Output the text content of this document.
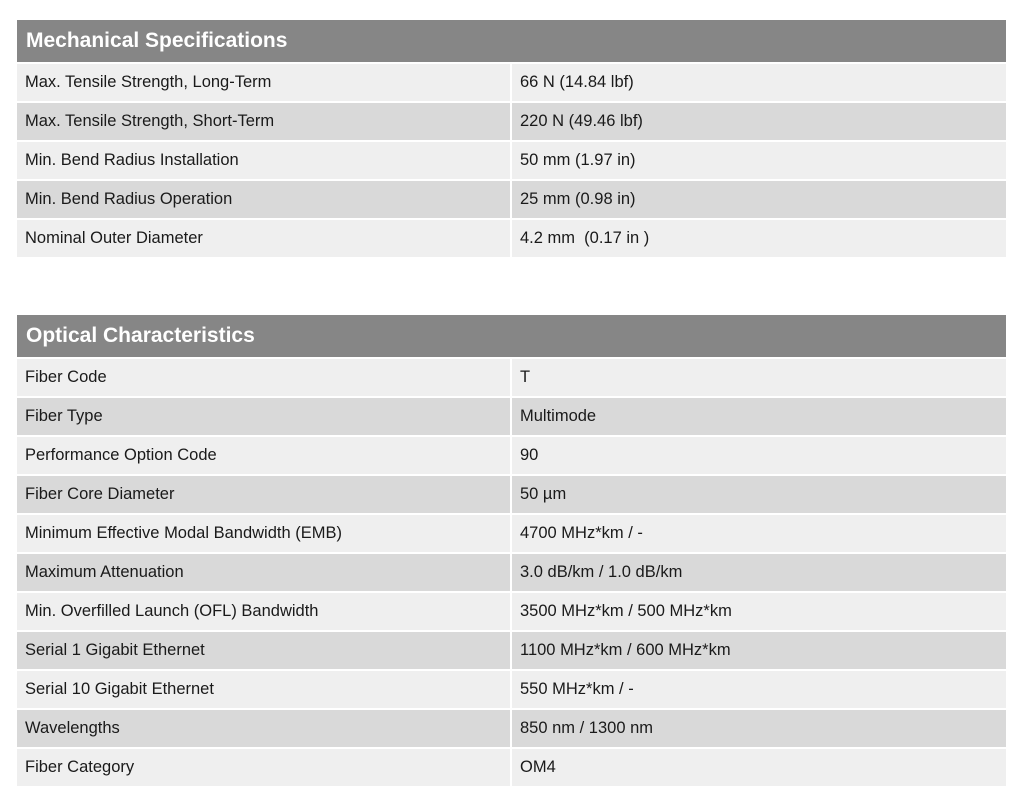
Mechanical Specifications
Max. Tensile Strength, Long-Term	66 N (14.84 lbf)
Max. Tensile Strength, Short-Term	220 N (49.46 lbf)
Min. Bend Radius Installation	50 mm (1.97 in)
Min. Bend Radius Operation	25 mm (0.98 in)
Nominal Outer Diameter	4.2 mm  (0.17 in )
Optical Characteristics
Fiber Code	T
Fiber Type	Multimode
Performance Option Code	90
Fiber Core Diameter	50 µm
Minimum Effective Modal Bandwidth (EMB)	4700 MHz*km / -
Maximum Attenuation	3.0 dB/km / 1.0 dB/km
Min. Overfilled Launch (OFL) Bandwidth	3500 MHz*km / 500 MHz*km
Serial 1 Gigabit Ethernet	1100 MHz*km / 600 MHz*km
Serial 10 Gigabit Ethernet	550 MHz*km / -
Wavelengths	850 nm / 1300 nm
Fiber Category	OM4
